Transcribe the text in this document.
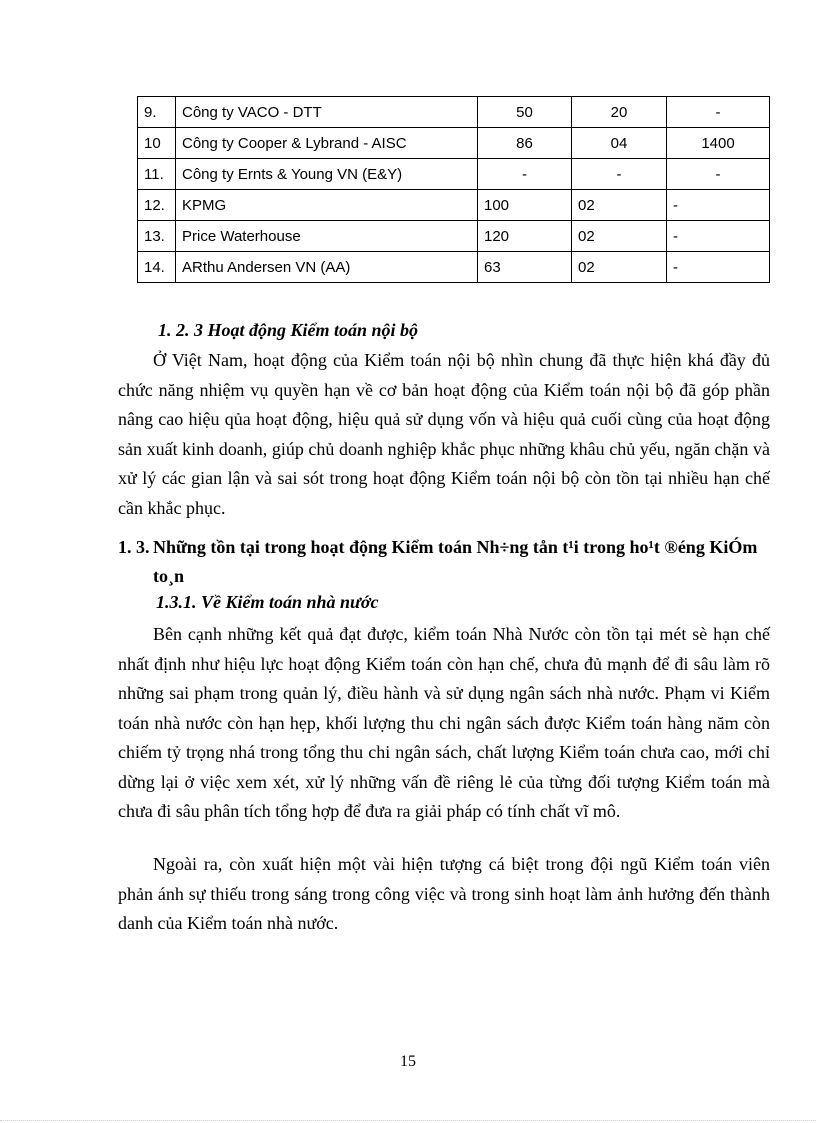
9.	Công ty VACO - DTT	50	20	-
10	Công ty Cooper & Lybrand - AISC	86	04	1400
11.	Công ty Ernts & Young VN (E&Y)	-	-	-
12.	KPMG	100	02	-
13.	Price Waterhouse	120	02	-
14.	ARthu Andersen VN (AA)	63	02	-
1. 2. 3 Hoạt động Kiểm toán nội bộ

Ở Việt Nam, hoạt động của Kiểm toán nội bộ nhìn chung đã thực hiện khá đầy đủ chức năng nhiệm vụ quyền hạn về cơ bản hoạt động của Kiểm toán nội bộ đã góp phần nâng cao hiệu qủa hoạt động, hiệu quả sử dụng vốn và hiệu quả cuối cùng của hoạt động sản xuất kinh doanh, giúp chủ doanh nghiệp khắc phục những khâu chủ yếu, ngăn chặn và xử lý các gian lận và sai sót trong hoạt động Kiểm toán nội bộ còn tồn tại nhiều hạn chế cần khắc phục.

1. 3. Những tồn tại trong hoạt động Kiểm toán Nh÷ng tån t¹i trong ho¹t ®éng KiÓm to¸n
1.3.1. Về Kiểm toán nhà nước

Bên cạnh những kết quả đạt được, kiểm toán Nhà Nước còn tồn tại mét sè hạn chế nhất định như hiệu lực hoạt động Kiểm toán còn hạn chế, chưa đủ mạnh để đi sâu làm rõ những sai phạm trong quản lý, điều hành và sử dụng ngân sách nhà nước. Phạm vi Kiểm toán nhà nước còn hạn hẹp, khối lượng thu chi ngân sách được Kiểm toán hàng năm còn chiếm tỷ trọng nhá trong tổng thu chi ngân sách, chất lượng Kiểm toán chưa cao, mới chỉ dừng lại ở việc xem xét, xử lý những vấn đề riêng lẻ của từng đối tượng Kiểm toán mà chưa đi sâu phân tích tổng hợp để đưa ra giải pháp có tính chất vĩ mô.

Ngoài ra, còn xuất hiện một vài hiện tượng cá biệt trong đội ngũ Kiểm toán viên phản ánh sự thiếu trong sáng trong công việc và trong sinh hoạt làm ảnh hưởng đến thành danh của Kiểm toán nhà nước.

15
